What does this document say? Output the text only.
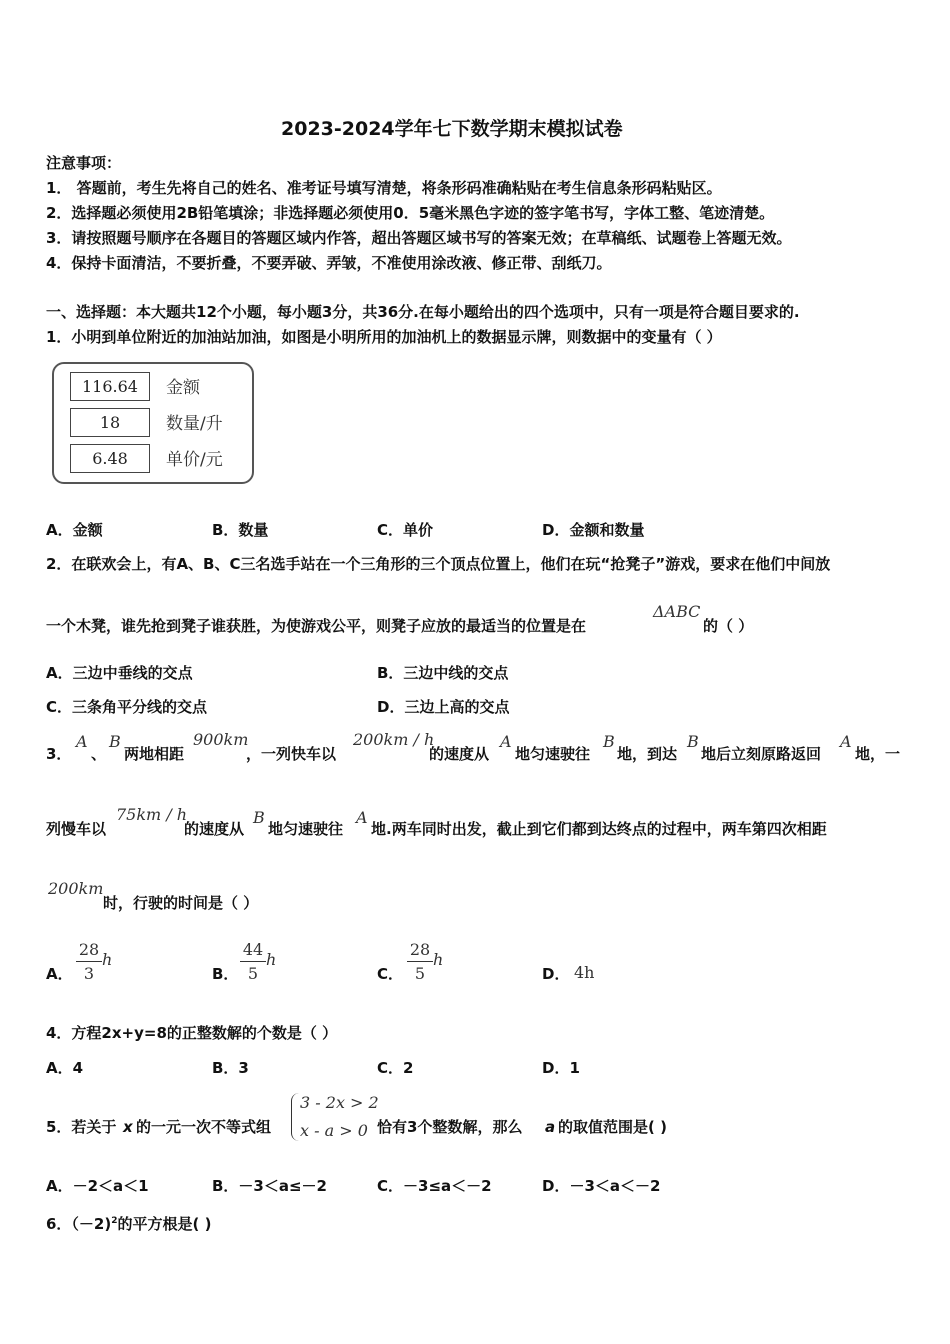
2023-2024学年七下数学期末模拟试卷
注意事项：
1． 答题前，考生先将自己的姓名、准考证号填写清楚，将条形码准确粘贴在考生信息条形码粘贴区。
2．选择题必须使用2B铅笔填涂；非选择题必须使用0．5毫米黑色字迹的签字笔书写，字体工整、笔迹清楚。
3．请按照题号顺序在各题目的答题区域内作答，超出答题区域书写的答案无效；在草稿纸、试题卷上答题无效。
4．保持卡面清洁，不要折叠，不要弄破、弄皱，不准使用涂改液、修正带、刮纸刀。
一、选择题：本大题共12个小题，每小题3分，共36分.在每小题给出的四个选项中，只有一项是符合题目要求的.
1．小明到单位附近的加油站加油，如图是小明所用的加油机上的数据显示牌，则数据中的变量有（ ）
116.64	金额
18	数量/升
6.48	单价/元
A．金额	B．数量	C．单价	D．金额和数量
2．在联欢会上，有A、B、C三名选手站在一个三角形的三个顶点位置上，他们在玩“抢凳子”游戏，要求在他们中间放
一个木凳，谁先抢到凳子谁获胜，为使游戏公平，则凳子应放的最适当的位置是在
ΔABC
的（ ）
A．三边中垂线的交点	B．三边中线的交点
C．三条角平分线的交点	D．三边上高的交点
3．
A
、
B
两地相距
900km
，一列快车以
200km / h
的速度从
A
地匀速驶往
B
地，到达
B
地后立刻原路返回
A
地，一
列慢车以
75km / h
的速度从
B
地匀速驶往
A
地.两车同时出发，截止到它们都到达终点的过程中，两车第四次相距
200km
时，行驶的时间是（ ）
A．
28
3
h
B．
44
5
h
C．
28
5
h
D． 4h
4．方程2x+y=8的正整数解的个数是（ ）
A．4	B．3	C．2	D．1
5．若关于 x 的一元一次不等式组
3 - 2x > 2
x - a > 0 恰有3个整数解，那么 a 的取值范围是( )
A．－2＜a＜1	B．－3＜a≤－2	C．－3≤a＜－2	D．－3＜a＜－2
6．（－2)$^2$的平方根是( )
